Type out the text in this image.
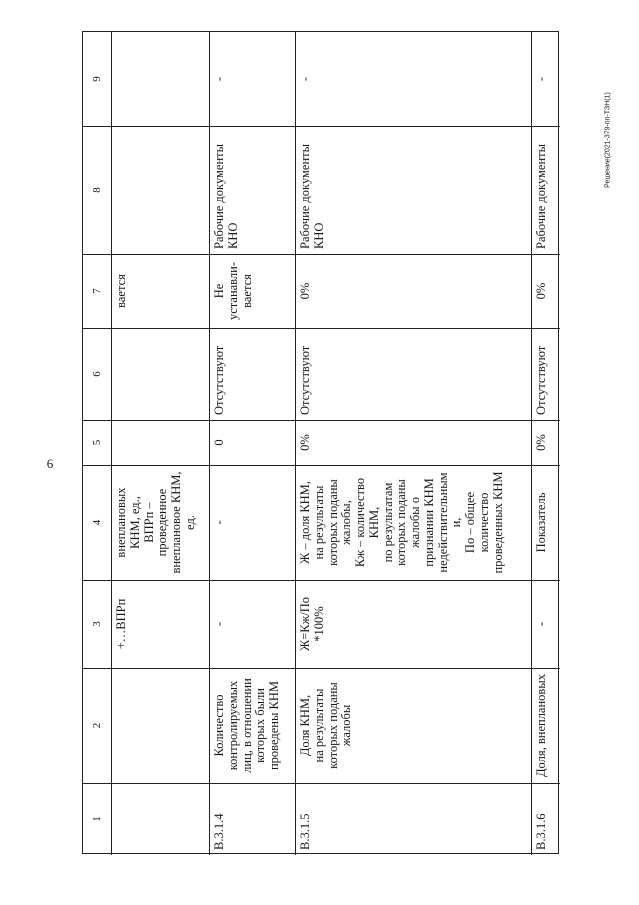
6
Решение(2021-379-пп-ТЗН(1)
1
2
3
4
5
6
7
8
9
+…ВПРп
внеплановых
КНМ, ед.,
ВПРп –
проведенное
внеплановое КНМ,
ед.
вается
В.3.1.4
Количество
контролируемых
лиц, в отношении
которых были
проведены КНМ
-
-
0
Отсутствуют
Не
устанавли-
вается
Рабочие документы
КНО
-
В.3.1.5
Доля КНМ,
на результаты
которых поданы
жалобы
Ж=Кж/По
*100%
Ж – доля КНМ,
на результаты
которых поданы
жалобы,
Кж – количество
КНМ,
по результатам
которых поданы
жалобы о
признании КНМ
недействительным
и,
По – общее
количество
проведенных КНМ
0%
Отсутствуют
0%
Рабочие документы
КНО
-
В.3.1.6
Доля, внеплановых
-
Показатель
0%
Отсутствуют
0%
Рабочие документы
-
